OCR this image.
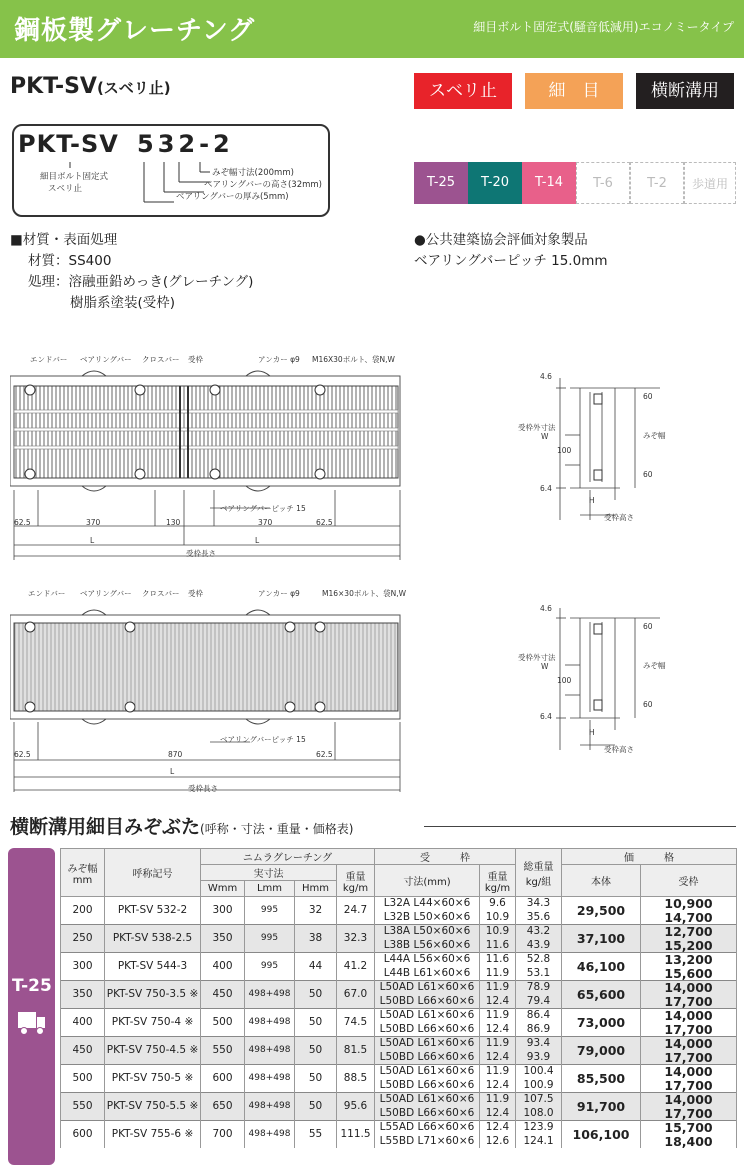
鋼板製グレーチング	細目ボルト固定式(騒音低減用)エコノミータイプ
PKT-SV(スベリ止)	スベリ止	細　目	横断溝用
PKT-SV 532-2
細目ボルト固定式
スベリ止
みぞ幅寸法(200mm)
ベアリングバーの高さ(32mm)
ベアリングバーの厚み(5mm)
T-25	T-20	T-14	T-6	T-2	歩道用
■材質・表面処理
材質：SS400
処理：溶融亜鉛めっき(グレーチング)
樹脂系塗装(受枠)
●公共建築協会評価対象製品
ベアリングバーピッチ 15.0mm
エンドバー ベアリングバー クロスバー 受枠	アンカー φ9 M16X30ボルト、袋N,W
62.5	370	130	370	62.5
ベアリングバーピッチ 15
L	L
受枠長さ
エンドバー ベアリングバー クロスバー 受枠	アンカー φ9	M16×30ボルト、袋N,W
62.5	870	62.5
ベアリングバーピッチ 15
L
受枠長さ
4.6
6.4
60
60
100
W
H
受枠外寸法
みぞ幅
受枠高さ
4.6
6.4
60
60
100
W
H
受枠外寸法
みぞ幅
受枠高さ
横断溝用細目みぞぶた(呼称・寸法・重量・価格表)
T-25
みぞ幅 mm	呼称記号	ニムラグレーチング				受　　　枠		総重量 kg/組	価　　　格	
		実寸法			重量 kg/m	寸法(mm)	重量 kg/m		本体	受枠
		Wmm	Lmm	Hmm						
200	PKT-SV 532-2	300	995	32	24.7	L32A L44×60×6	9.6	34.3	29,500	10,900
						L32B L50×60×6	10.9	35.6		14,700
250	PKT-SV 538-2.5	350	995	38	32.3	L38A L50×60×6	10.9	43.2	37,100	12,700
						L38B L56×60×6	11.6	43.9		15,200
300	PKT-SV 544-3	400	995	44	41.2	L44A L56×60×6	11.6	52.8	46,100	13,200
						L44B L61×60×6	11.9	53.1		15,600
350	PKT-SV 750-3.5 ※	450	498+498	50	67.0	L50AD L61×60×6	11.9	78.9	65,600	14,000
						L50BD L66×60×6	12.4	79.4		17,700
400	PKT-SV 750-4 ※	500	498+498	50	74.5	L50AD L61×60×6	11.9	86.4	73,000	14,000
						L50BD L66×60×6	12.4	86.9		17,700
450	PKT-SV 750-4.5 ※	550	498+498	50	81.5	L50AD L61×60×6	11.9	93.4	79,000	14,000
						L50BD L66×60×6	12.4	93.9		17,700
500	PKT-SV 750-5 ※	600	498+498	50	88.5	L50AD L61×60×6	11.9	100.4	85,500	14,000
						L50BD L66×60×6	12.4	100.9		17,700
550	PKT-SV 750-5.5 ※	650	498+498	50	95.6	L50AD L61×60×6	11.9	107.5	91,700	14,000
						L50BD L66×60×6	12.4	108.0		17,700
600	PKT-SV 755-6 ※	700	498+498	55	111.5	L55AD L66×60×6	12.4	123.9	106,100	15,700
						L55BD L71×60×6	12.6	124.1		18,400
